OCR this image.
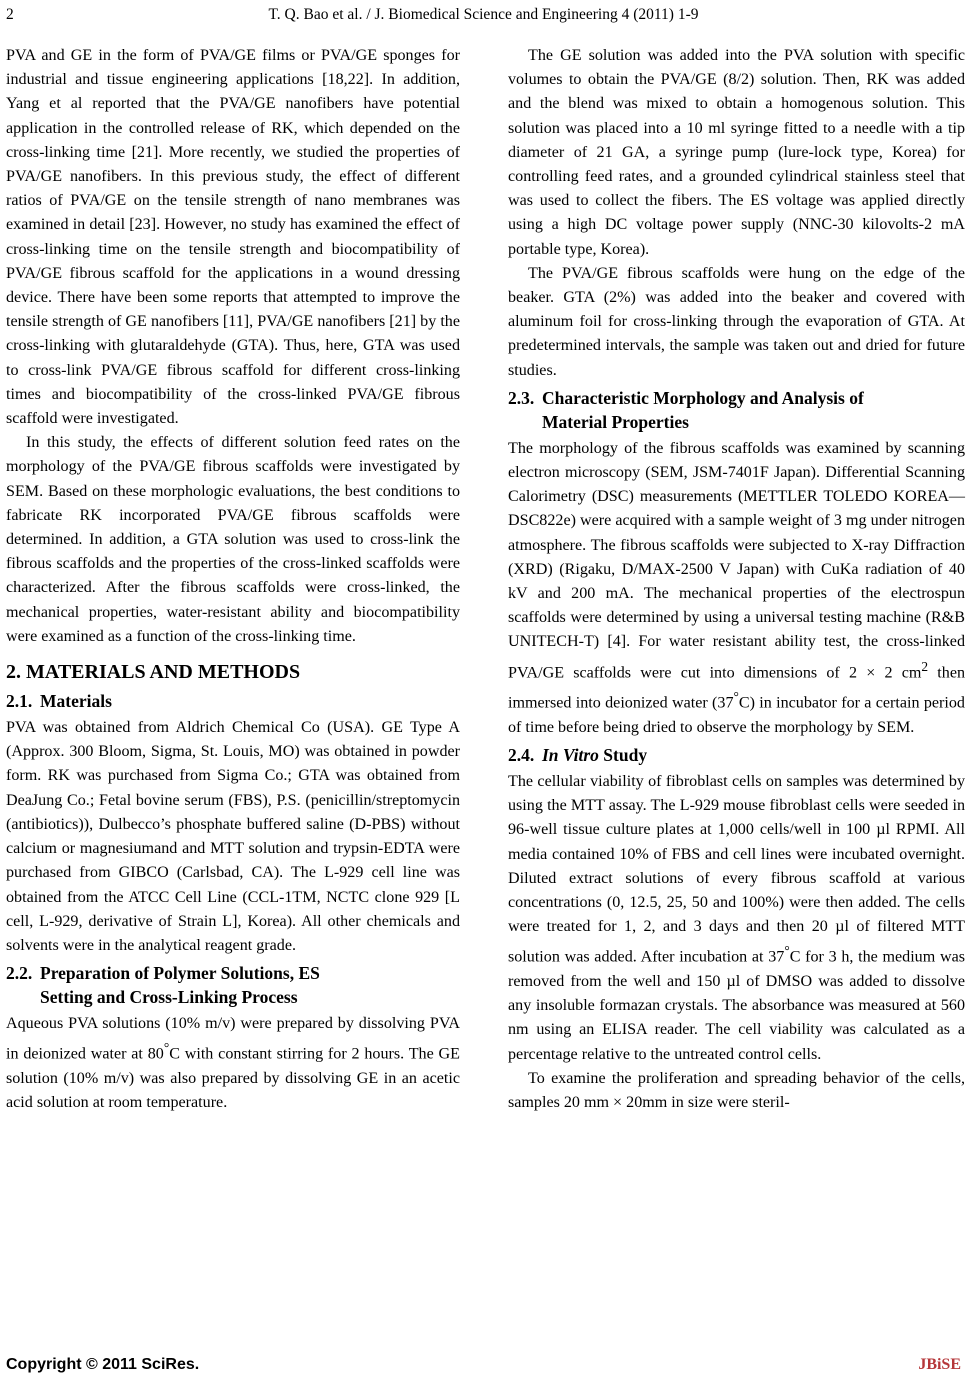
2	T. Q. Bao et al. / J. Biomedical Science and Engineering 4 (2011) 1-9

PVA and GE in the form of PVA/GE films or PVA/GE sponges for industrial and tissue engineering applications [18,22]. In addition, Yang et al reported that the PVA/GE nanofibers have potential application in the controlled release of RK, which depended on the cross-linking time [21]. More recently, we studied the properties of PVA/GE nanofibers. In this previous study, the effect of different ratios of PVA/GE on the tensile strength of nano membranes was examined in detail [23]. However, no study has examined the effect of cross-linking time on the tensile strength and biocompatibility of PVA/GE fibrous scaffold for the applications in a wound dressing device. There have been some reports that attempted to improve the tensile strength of GE nanofibers [11], PVA/GE nanofibers [21] by the cross-linking with glutaraldehyde (GTA). Thus, here, GTA was used to cross-link PVA/GE fibrous scaffold for different cross-linking times and biocompatibility of the cross-linked PVA/GE fibrous scaffold were investigated.

In this study, the effects of different solution feed rates on the morphology of the PVA/GE fibrous scaffolds were investigated by SEM. Based on these morphologic evaluations, the best conditions to fabricate RK incorporated PVA/GE fibrous scaffolds were determined. In addition, a GTA solution was used to cross-link the fibrous scaffolds and the properties of the cross-linked scaffolds were characterized. After the fibrous scaffolds were cross-linked, the mechanical properties, water-resistant ability and biocompatibility were examined as a function of the cross-linking time.

2. MATERIALS AND METHODS
2.1. Materials

PVA was obtained from Aldrich Chemical Co (USA). GE Type A (Approx. 300 Bloom, Sigma, St. Louis, MO) was obtained in powder form. RK was purchased from Sigma Co.; GTA was obtained from DeaJung Co.; Fetal bovine serum (FBS), P.S. (penicillin/streptomycin (antibiotics)), Dulbecco’s phosphate buffered saline (D-PBS) without calcium or magnesiumand and MTT solution and trypsin-EDTA were purchased from GIBCO (Carlsbad, CA). The L-929 cell line was obtained from the ATCC Cell Line (CCL-1TM, NCTC clone 929 [L cell, L-929, derivative of Strain L], Korea). All other chemicals and solvents were in the analytical reagent grade.

2.2. Preparation of Polymer Solutions, ES
Setting and Cross-Linking Process

Aqueous PVA solutions (10% m/v) were prepared by dissolving PVA in deionized water at 80°C with constant stirring for 2 hours. The GE solution (10% m/v) was also prepared by dissolving GE in an acetic acid solution at room temperature.

The GE solution was added into the PVA solution with specific volumes to obtain the PVA/GE (8/2) solution. Then, RK was added and the blend was mixed to obtain a homogenous solution. This solution was placed into a 10 ml syringe fitted to a needle with a tip diameter of 21 GA, a syringe pump (lure-lock type, Korea) for controlling feed rates, and a grounded cylindrical stainless steel that was used to collect the fibers. The ES voltage was applied directly using a high DC voltage power supply (NNC-30 kilovolts-2 mA portable type, Korea).

The PVA/GE fibrous scaffolds were hung on the edge of the beaker. GTA (2%) was added into the beaker and covered with aluminum foil for cross-linking through the evaporation of GTA. At predetermined intervals, the sample was taken out and dried for future studies.

2.3. Characteristic Morphology and Analysis of
Material Properties

The morphology of the fibrous scaffolds was examined by scanning electron microscopy (SEM, JSM-7401F Japan). Differential Scanning Calorimetry (DSC) measurements (METTLER TOLEDO KOREA—DSC822e) were acquired with a sample weight of 3 mg under nitrogen atmosphere. The fibrous scaffolds were subjected to X-ray Diffraction (XRD) (Rigaku, D/MAX-2500 V Japan) with CuKa radiation of 40 kV and 200 mA. The mechanical properties of the electrospun scaffolds were determined by using a universal testing machine (R&B UNITECH-T) [4]. For water resistant ability test, the cross-linked PVA/GE scaffolds were cut into dimensions of 2 × 2 $cm^2$ then immersed into deionized water (37°C) in incubator for a certain period of time before being dried to observe the morphology by SEM.

2.4. In Vitro Study

The cellular viability of fibroblast cells on samples was determined by using the MTT assay. The L-929 mouse fibroblast cells were seeded in 96-well tissue culture plates at 1,000 cells/well in 100 µl RPMI. All media contained 10% of FBS and cell lines were incubated overnight. Diluted extract solutions of every fibrous scaffold at various concentrations (0, 12.5, 25, 50 and 100%) were then added. The cells were treated for 1, 2, and 3 days and then 20 µl of filtered MTT solution was added. After incubation at 37°C for 3 h, the medium was removed from the well and 150 µl of DMSO was added to dissolve any insoluble formazan crystals. The absorbance was measured at 560 nm using an ELISA reader. The cell viability was calculated as a percentage relative to the untreated control cells.

To examine the proliferation and spreading behavior of the cells, samples 20 mm × 20mm in size were steril-

Copyright © 2011 SciRes.	JBiSE
